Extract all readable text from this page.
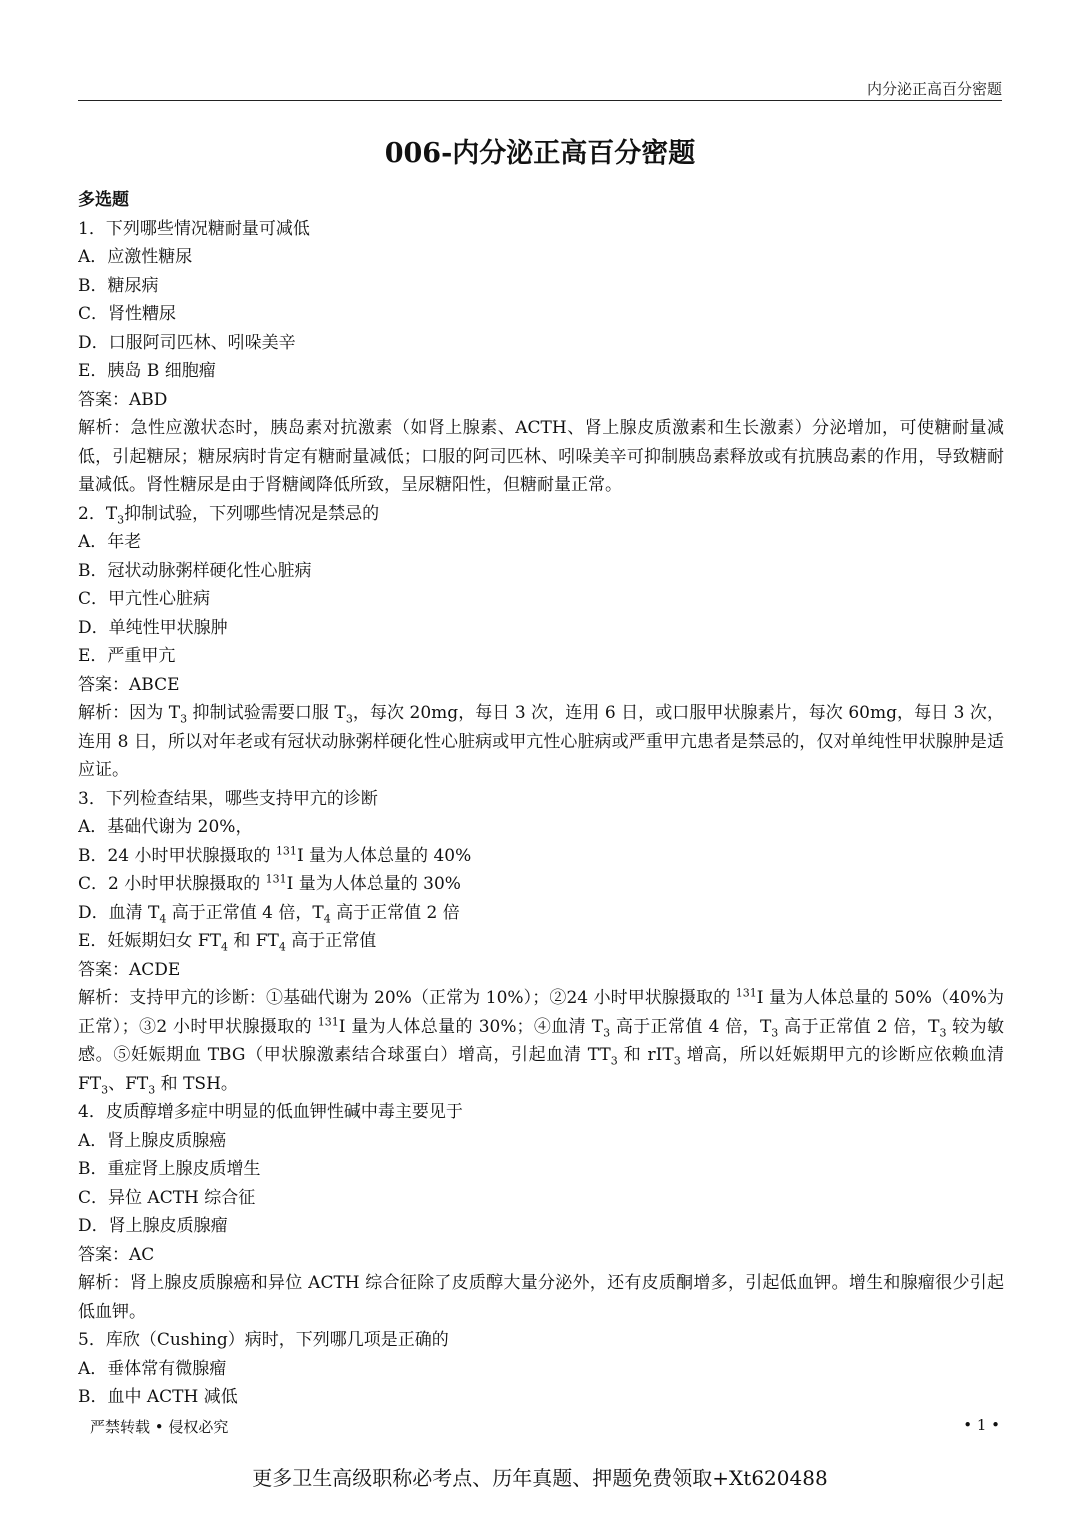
内分泌正高百分密题
006-内分泌正高百分密题
多选题
1．下列哪些情况糖耐量可减低
A．应激性糖尿
B．糖尿病
C．肾性糟尿
D．口服阿司匹林、吲哚美辛
E．胰岛 B 细胞瘤
答案：ABD
解析：急性应激状态时，胰岛素对抗激素（如肾上腺素、ACTH、肾上腺皮质激素和生长激素）分泌增加，可使糖耐量减低，引起糖尿；糖尿病时肯定有糖耐量减低；口服的阿司匹林、吲哚美辛可抑制胰岛素释放或有抗胰岛素的作用，导致糖耐量减低。肾性糖尿是由于肾糖阈降低所致，呈尿糖阳性，但糖耐量正常。
2．$T_3$抑制试验，下列哪些情况是禁忌的
A．年老
B．冠状动脉粥样硬化性心脏病
C．甲亢性心脏病
D．单纯性甲状腺肿
E．严重甲亢
答案：ABCE
解析：因为 $T_3$ 抑制试验需要口服 $T_3$，每次 20mg，每日 3 次，连用 6 日，或口服甲状腺素片，每次 60mg，每日 3 次，连用 8 日，所以对年老或有冠状动脉粥样硬化性心脏病或甲亢性心脏病或严重甲亢患者是禁忌的，仅对单纯性甲状腺肿是适应证。
3．下列检查结果，哪些支持甲亢的诊断
A．基础代谢为 20%，
B．24 小时甲状腺摄取的 $^{131}$I 量为人体总量的 40%
C．2 小时甲状腺摄取的 $^{131}$I 量为人体总量的 30%
D．血清 $T_4$ 高于正常值 4 倍，$T_4$ 高于正常值 2 倍
E．妊娠期妇女 $FT_4$ 和 $FT_4$ 高于正常值
答案：ACDE
解析：支持甲亢的诊断：①基础代谢为 20%（正常为 10%）；②24 小时甲状腺摄取的 $^{131}$I 量为人体总量的 50%（40%为正常）；③2 小时甲状腺摄取的 $^{131}$I 量为人体总量的 30%；④血清 $T_3$ 高于正常值 4 倍，$T_3$ 高于正常值 2 倍，$T_3$ 较为敏感。⑤妊娠期血 TBG（甲状腺激素结合球蛋白）增高，引起血清 $TT_3$ 和 rIT$_3$ 增高，所以妊娠期甲亢的诊断应依赖血清 $FT_3$、$FT_3$ 和 TSH。
4．皮质醇增多症中明显的低血钾性碱中毒主要见于
A．肾上腺皮质腺癌
B．重症肾上腺皮质增生
C．异位 ACTH 综合征
D．肾上腺皮质腺瘤
答案：AC
解析：肾上腺皮质腺癌和异位 ACTH 综合征除了皮质醇大量分泌外，还有皮质酮增多，引起低血钾。增生和腺瘤很少引起低血钾。
5．库欣（Cushing）病时，下列哪几项是正确的
A．垂体常有微腺瘤
B．血中 ACTH 减低
严禁转载 • 侵权必究	• 1 •
更多卫生高级职称必考点、历年真题、押题免费领取+Xt620488
